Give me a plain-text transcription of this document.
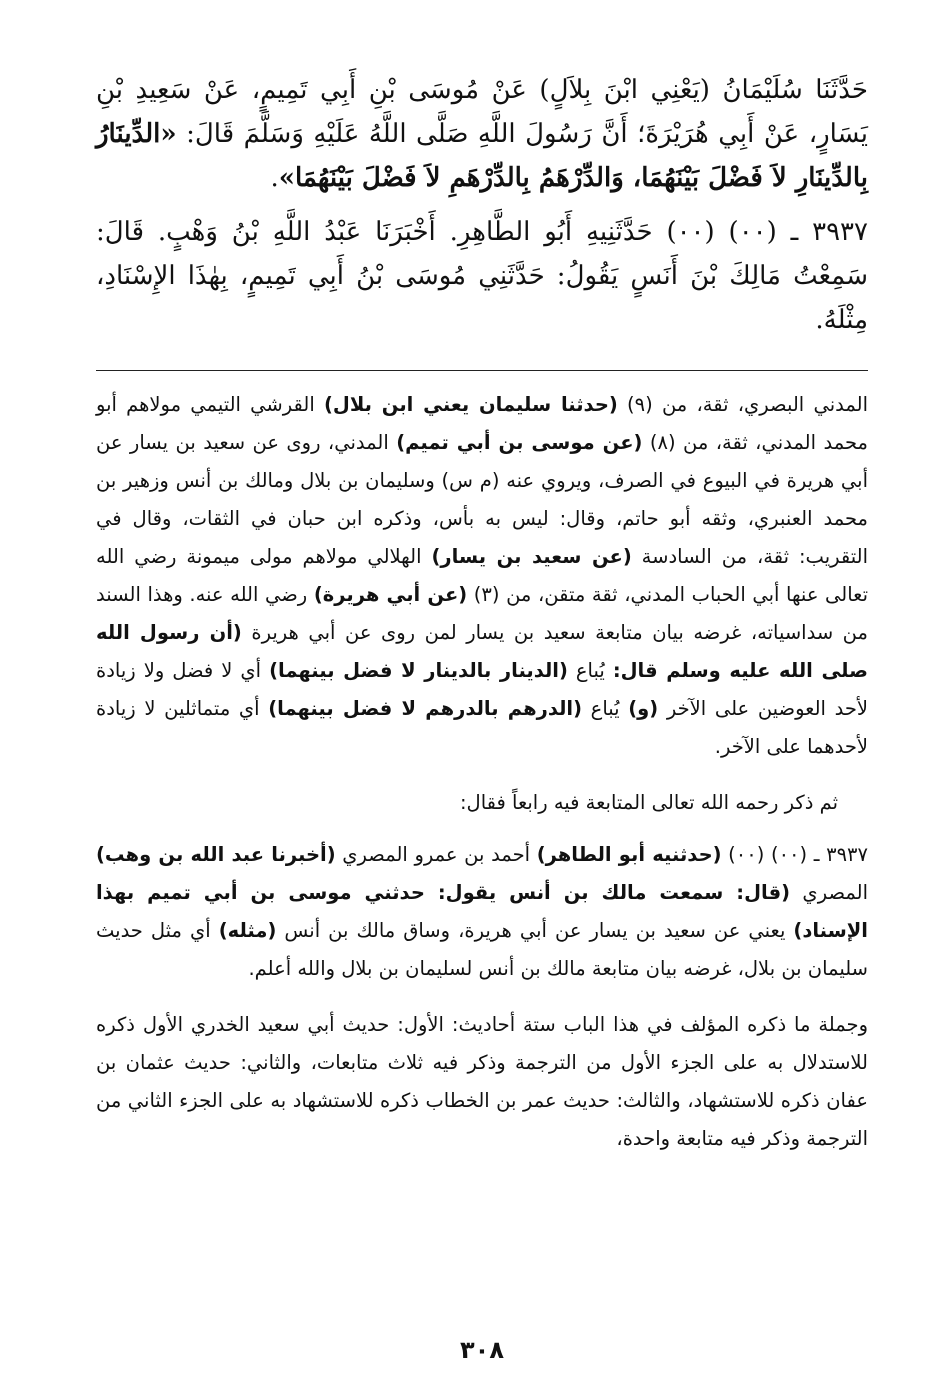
حَدَّثَنَا سُلَيْمَانُ (يَعْنِي ابْنَ بِلاَلٍ) عَنْ مُوسَى بْنِ أَبِي تَمِيمٍ، عَنْ سَعِيدِ بْنِ يَسَارٍ، عَنْ أَبِي هُرَيْرَةَ؛ أَنَّ رَسُولَ اللَّهِ صَلَّى اللَّهُ عَلَيْهِ وَسَلَّمَ قَالَ: «الدِّينَارُ بِالدِّينَارِ لاَ فَضْلَ بَيْنَهُمَا، وَالدِّرْهَمُ بِالدِّرْهَمِ لاَ فَضْلَ بَيْنَهُمَا».

٣٩٣٧ ـ (٠٠) (٠٠) حَدَّثَنِيهِ أَبُو الطَّاهِرِ. أَخْبَرَنَا عَبْدُ اللَّهِ بْنُ وَهْبٍ. قَالَ: سَمِعْتُ مَالِكَ بْنَ أَنَسٍ يَقُولُ: حَدَّثَنِي مُوسَى بْنُ أَبِي تَمِيمٍ، بِهٰذَا الإِسْنَادِ، مِثْلَهُ.

المدني البصري، ثقة، من (٩) (حدثنا سليمان يعني ابن بلال) القرشي التيمي مولاهم أبو محمد المدني، ثقة، من (٨) (عن موسى بن أبي تميم) المدني، روى عن سعيد بن يسار عن أبي هريرة في البيوع في الصرف، ويروي عنه (م س) وسليمان بن بلال ومالك بن أنس وزهير بن محمد العنبري، وثقه أبو حاتم، وقال: ليس به بأس، وذكره ابن حبان في الثقات، وقال في التقريب: ثقة، من السادسة (عن سعيد بن يسار) الهلالي مولاهم مولى ميمونة رضي الله تعالى عنها أبي الحباب المدني، ثقة متقن، من (٣) (عن أبي هريرة) رضي الله عنه. وهذا السند من سداسياته، غرضه بيان متابعة سعيد بن يسار لمن روى عن أبي هريرة (أن رسول الله صلى الله عليه وسلم قال: يُباع (الدينار بالدينار لا فضل بينهما) أي لا فضل ولا زيادة لأحد العوضين على الآخر (و) يُباع (الدرهم بالدرهم لا فضل بينهما) أي متماثلين لا زيادة لأحدهما على الآخر.

ثم ذكر رحمه الله تعالى المتابعة فيه رابعاً فقال:

٣٩٣٧ ـ (٠٠) (٠٠) (حدثنيه أبو الطاهر) أحمد بن عمرو المصري (أخبرنا عبد الله بن وهب) المصري (قال: سمعت مالك بن أنس يقول: حدثني موسى بن أبي تميم بهذا الإسناد) يعني عن سعيد بن يسار عن أبي هريرة، وساق مالك بن أنس (مثله) أي مثل حديث سليمان بن بلال، غرضه بيان متابعة مالك بن أنس لسليمان بن بلال والله أعلم.

وجملة ما ذكره المؤلف في هذا الباب ستة أحاديث: الأول: حديث أبي سعيد الخدري الأول ذكره للاستدلال به على الجزء الأول من الترجمة وذكر فيه ثلاث متابعات، والثاني: حديث عثمان بن عفان ذكره للاستشهاد، والثالث: حديث عمر بن الخطاب ذكره للاستشهاد به على الجزء الثاني من الترجمة وذكر فيه متابعة واحدة،

٣٠٨
